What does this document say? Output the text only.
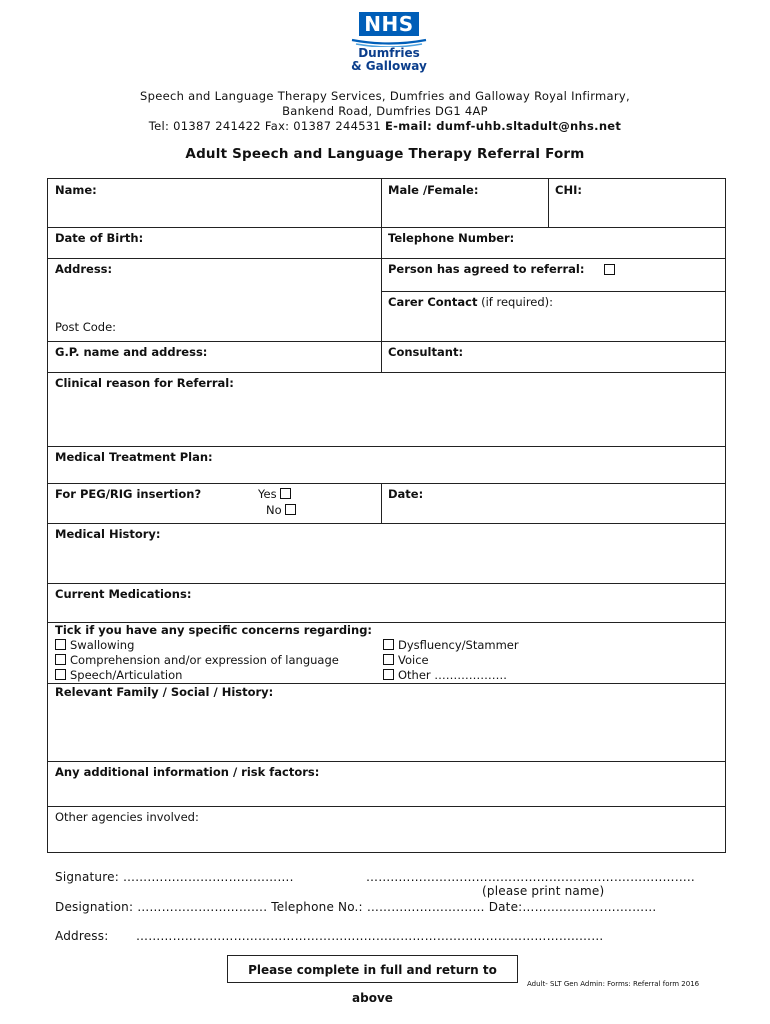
NHS
Dumfries
& Galloway
Speech and Language Therapy Services, Dumfries and Galloway Royal Infirmary,
Bankend Road, Dumfries DG1 4AP
Tel: 01387 241422 Fax: 01387 244531 E-mail: dumf-uhb.sltadult@nhs.net
Adult Speech and Language Therapy Referral Form
Name:	Male /Female:	CHI:
Date of Birth:	Telephone Number:
Address:
Post Code:
Person has agreed to referral:
Carer Contact (if required):
G.P. name and address:	Consultant:
Clinical reason for Referral:
Medical Treatment Plan:
For PEG/RIG insertion?	Yes
No
Date:
Medical History:
Current Medications:
Tick if you have any specific concerns regarding:
Swallowing
Comprehension and/or expression of language
Speech/Articulation
Dysfluency/Stammer
Voice
Other ……………….
Relevant Family / Social / History:
Any additional information / risk factors:
Other agencies involved:
Signature: …….…………….……………….	……..…………….…………………….…………….……..……..
(please print name)
Designation: ……………….…………. Telephone No.: ………….……….…… Date:………..…………….……
Address: ………………………………………………..……………………………………………..……
Please complete in full and return to above
Adult- SLT Gen Admin: Forms: Referral form 2016
